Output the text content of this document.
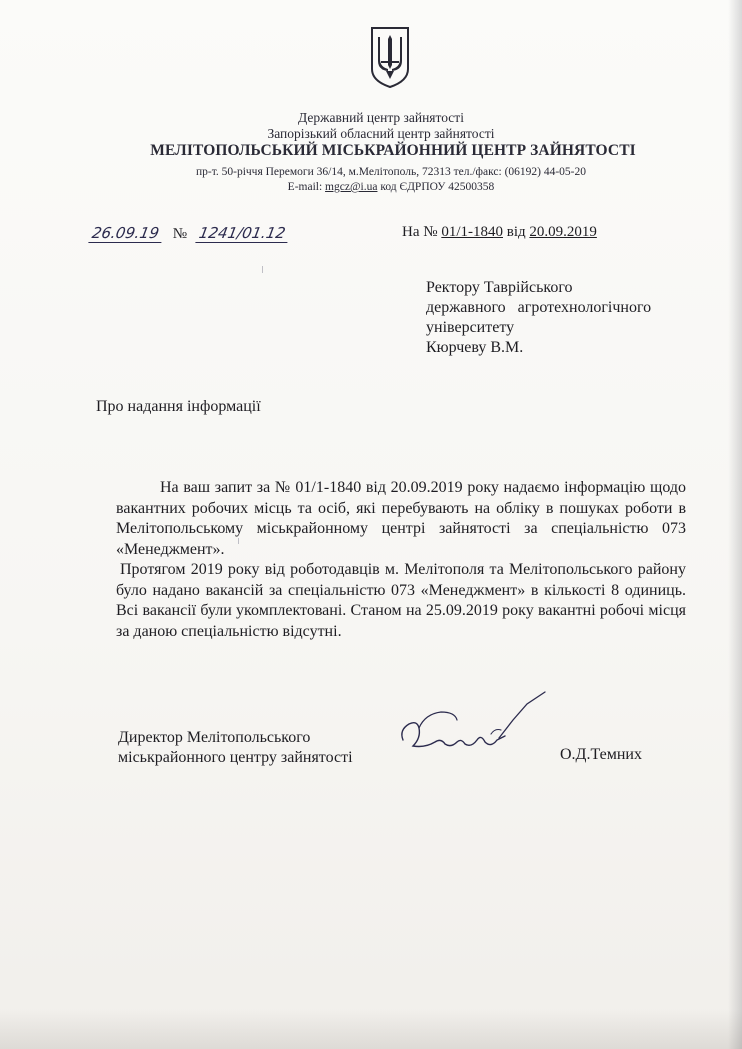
Державний центр зайнятості
Запорізький обласний центр зайнятості
МЕЛІТОПОЛЬСЬКИЙ МІСЬКРАЙОННИЙ ЦЕНТР ЗАЙНЯТОСТІ
пр-т. 50-річчя Перемоги 36/14, м.Мелітополь, 72313 тел./факс: (06192) 44-05-20
E-mail: mgcz@i.ua код ЄДРПОУ 42500358
26.09.19 № 1241/01.12	На № 01/1-1840 від 20.09.2019
Ректору Таврійського
державного агротехнологічного
університету
Кюрчеву В.М.
Про надання інформації

На ваш запит за № 01/1-1840 від 20.09.2019 року надаємо інформацію щодо вакантних робочих місць та осіб, які перебувають на обліку в пошуках роботи в Мелітопольському міськрайонному центрі зайнятості за спеціальністю 073 «Менеджмент».

Протягом 2019 року від роботодавців м. Мелітополя та Мелітопольського району було надано вакансій за спеціальністю 073 «Менеджмент» в кількості 8 одиниць. Всі вакансії були укомплектовані. Станом на 25.09.2019 року вакантні робочі місця за даною спеціальністю відсутні.

Директор Мелітопольського
міськрайонного центру зайнятості	О.Д.Темних
